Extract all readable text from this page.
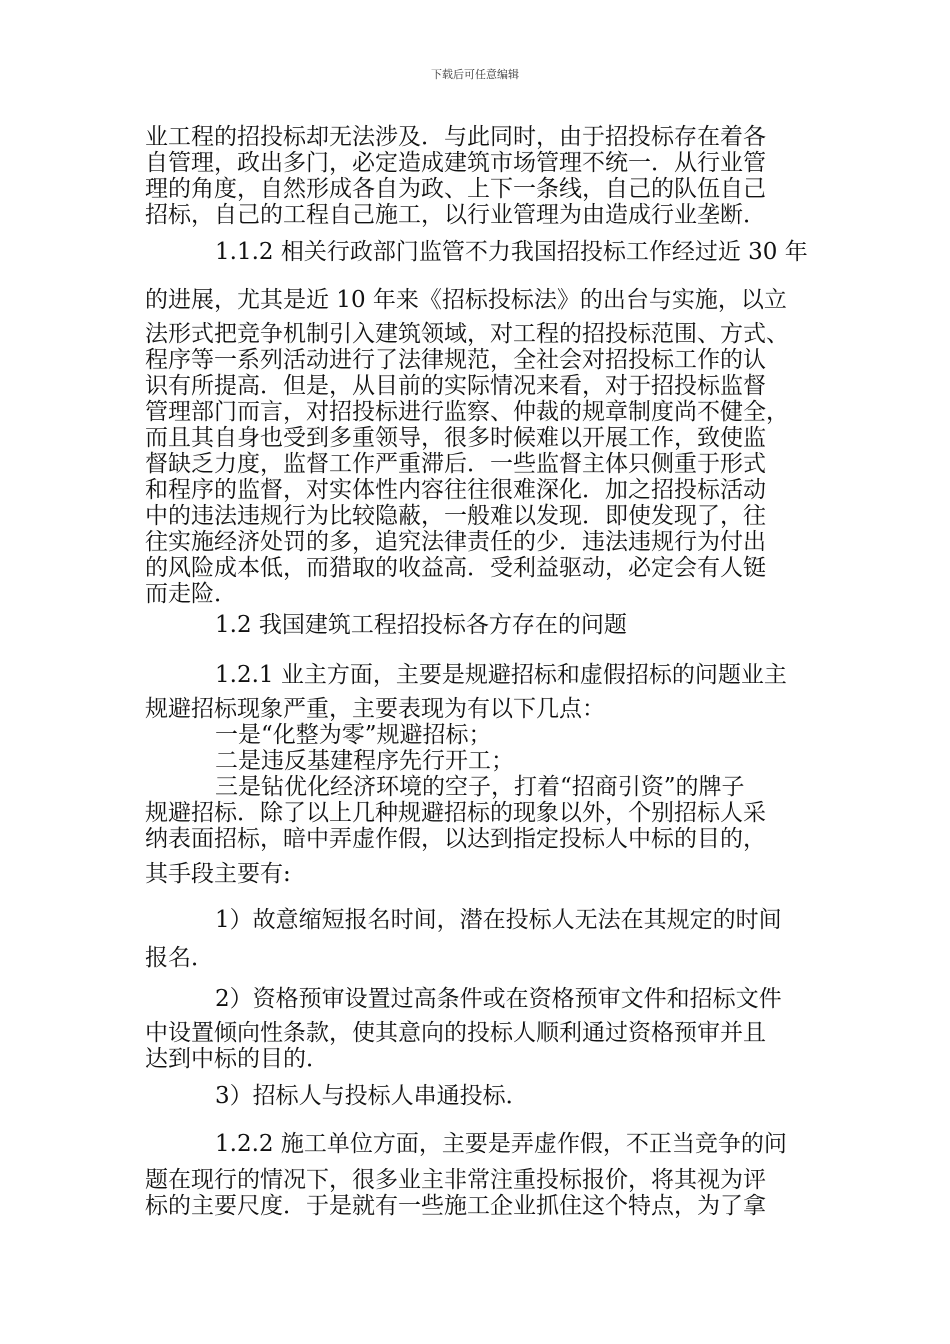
下载后可任意编辑
业工程的招投标却无法涉及．与此同时，由于招投标存在着各
自管理，政出多门，必定造成建筑市场管理不统一．从行业管
理的角度，自然形成各自为政、上下一条线，自己的队伍自己
招标，自己的工程自己施工，以行业管理为由造成行业垄断．
1.1.2 相关行政部门监管不力我国招投标工作经过近 30 年
的进展，尤其是近 10 年来《招标投标法》的出台与实施，以立
法形式把竞争机制引入建筑领域，对工程的招投标范围、方式、
程序等一系列活动进行了法律规范，全社会对招投标工作的认
识有所提高．但是，从目前的实际情况来看，对于招投标监督
管理部门而言，对招投标进行监察、仲裁的规章制度尚不健全，
而且其自身也受到多重领导，很多时候难以开展工作，致使监
督缺乏力度，监督工作严重滞后．一些监督主体只侧重于形式
和程序的监督，对实体性内容往往很难深化．加之招投标活动
中的违法违规行为比较隐蔽，一般难以发现．即使发现了，往
往实施经济处罚的多，追究法律责任的少．违法违规行为付出
的风险成本低，而猎取的收益高．受利益驱动，必定会有人铤
而走险．
1.2 我国建筑工程招投标各方存在的问题
1.2.1 业主方面，主要是规避招标和虚假招标的问题业主
规避招标现象严重，主要表现为有以下几点：
一是“化整为零”规避招标；
二是违反基建程序先行开工；
三是钻优化经济环境的空子，打着“招商引资”的牌子
规避招标．除了以上几种规避招标的现象以外，个别招标人采
纳表面招标，暗中弄虚作假，以达到指定投标人中标的目的，
其手段主要有:
1）故意缩短报名时间，潜在投标人无法在其规定的时间
报名．
2）资格预审设置过高条件或在资格预审文件和招标文件
中设置倾向性条款，使其意向的投标人顺利通过资格预审并且
达到中标的目的．
3）招标人与投标人串通投标．
1.2.2 施工单位方面，主要是弄虚作假，不正当竞争的问
题在现行的情况下，很多业主非常注重投标报价，将其视为评
标的主要尺度．于是就有一些施工企业抓住这个特点，为了拿
